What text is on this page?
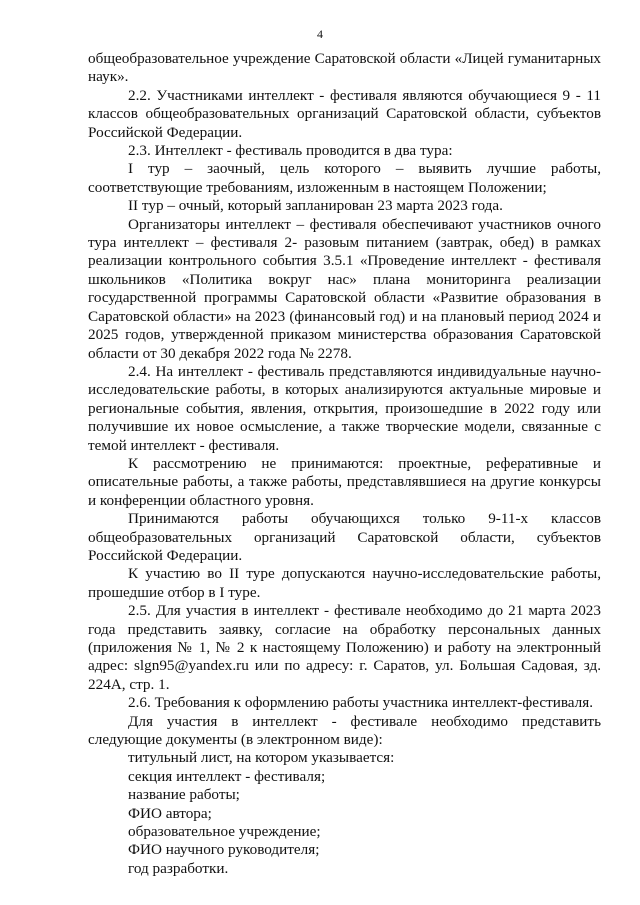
4

общеобразовательное учреждение Саратовской области «Лицей гуманитарных наук».

2.2. Участниками интеллект - фестиваля являются обучающиеся 9 - 11 классов общеобразовательных организаций Саратовской области, субъектов Российской Федерации.

2.3. Интеллект - фестиваль проводится в два тура:

I тур – заочный, цель которого – выявить лучшие работы, соответствующие требованиям, изложенным в настоящем Положении;

II тур – очный, который запланирован 23 марта 2023 года.

Организаторы интеллект – фестиваля обеспечивают участников очного тура интеллект – фестиваля 2- разовым питанием (завтрак, обед) в рамках реализации контрольного события 3.5.1 «Проведение интеллект - фестиваля школьников «Политика вокруг нас» плана мониторинга реализации государственной программы Саратовской области «Развитие образования в Саратовской области» на 2023 (финансовый год) и на плановый период 2024 и 2025 годов, утвержденной приказом министерства образования Саратовской области от 30 декабря 2022 года № 2278.

2.4. На интеллект - фестиваль представляются индивидуальные научно-исследовательские работы, в которых анализируются актуальные мировые и региональные события, явления, открытия, произошедшие в 2022 году или получившие их новое осмысление, а также творческие модели, связанные с темой интеллект - фестиваля.

К рассмотрению не принимаются: проектные, реферативные и описательные работы, а также работы, представлявшиеся на другие конкурсы и конференции областного уровня.

Принимаются работы обучающихся только 9-11-х классов общеобразовательных организаций Саратовской области, субъектов Российской Федерации.

К участию во II туре допускаются научно-исследовательские работы, прошедшие отбор в I туре.

2.5. Для участия в интеллект - фестивале необходимо до 21 марта 2023 года представить заявку, согласие на обработку персональных данных (приложения № 1, № 2 к настоящему Положению) и работу на электронный адрес: slgn95@yandex.ru или по адресу: г. Саратов, ул. Большая Садовая, зд. 224А, стр. 1.

2.6. Требования к оформлению работы участника интеллект-фестиваля.

Для участия в интеллект - фестивале необходимо представить следующие документы (в электронном виде):

титульный лист, на котором указывается:
секция интеллект - фестиваля;
название работы;
ФИО автора;
образовательное учреждение;
ФИО научного руководителя;
год разработки.
